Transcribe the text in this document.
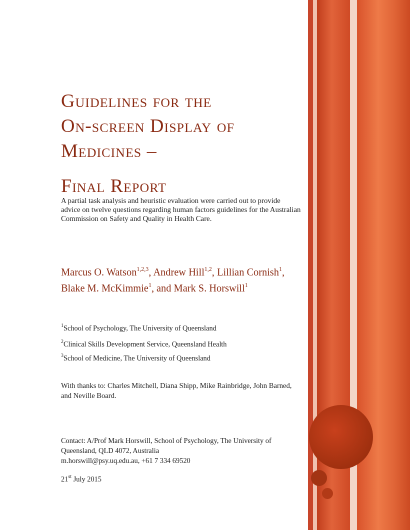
Guidelines for the
On-screen Display of
Medicines –
Final Report

A partial task analysis and heuristic evaluation were carried out to provide advice on twelve questions regarding human factors guidelines for the Australian Commission on Safety and Quality in Health Care.

Marcus O. Watson$^{1,2,3}$, Andrew Hill$^{1,2}$, Lillian Cornish$^1$, Blake M. McKimmie$^1$, and Mark S. Horswill$^1$

$^1$School of Psychology, The University of Queensland

$^2$Clinical Skills Development Service, Queensland Health

$^3$School of Medicine, The University of Queensland

With thanks to: Charles Mitchell, Diana Shipp, Mike Rainbridge, John Barned, and Neville Board.

Contact: A/Prof Mark Horswill, School of Psychology, The University of Queensland, QLD 4072, Australia
m.horswill@psy.uq.edu.au, +61 7 334 69520

21st July 2015
